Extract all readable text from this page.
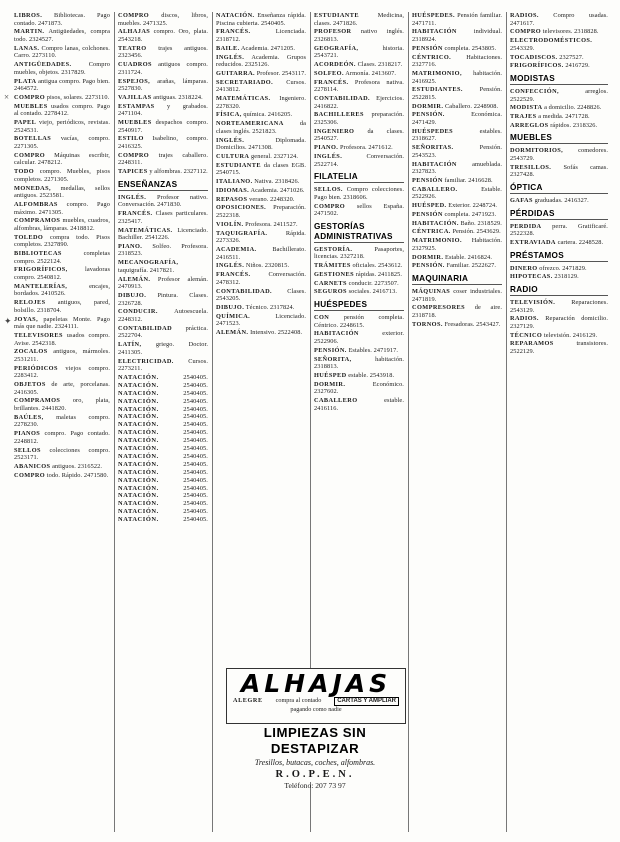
LIBROS. Bibliotecas. Pago contado. 2471873.
MARTIN. Antigüedades, compra todo. 2324527.
LANAS. Compro lanas, colchones. Carro. 2273110.
ANTIGÜEDADES.	Compro muebles, objetos. 2317829.
PLATA antigua compro. Pago bien. 2464572.
COMPRO pisos, solares. 2273110.
MUEBLES usados compro. Pago al contado. 2278412.
PAPEL viejo, periódicos, revistas. 2524531.
BOTELLAS vacías, compro. 2271305.
COMPRO Máquinas escribir, calcular. 2478212.
TODO compro. Muebles, pisos completos. 2271305.
MONEDAS, medallas, sellos antiguos. 2523581.
ALFOMBRAS compro. Pago máximo. 2471305.
COMPRAMOS muebles, cuadros, alfombras, lámparas. 2418812.
TOLEDO compra todo. Pisos completos. 2327890.
BIBLIOTECAS	completas compro. 2522124.
FRIGORÍFICOS,	lavadoras compro. 2540812.
MANTELERÍAS,	encajes, bordados. 2410526.
RELOJES antiguos, pared, bolsillo. 2318704.
JOYAS, papeletas Monte. Pago más que nadie. 2324111.
TELEVISORES usados compro. Avise. 2542318.
ZOCALOS antiguos, mármoles. 2531211.
PERIÓDICOS viejos compro. 2283412.
OBJETOS de arte, porcelanas. 2416305.
COMPRAMOS oro, plata, brillantes. 2441820.
BAÚLES, maletas compro. 2278230.
PIANOS compro. Pago contado. 2248812.
SELLOS colecciones compro. 2523171.
ABANICOS antiguos. 2316522.
COMPRO todo. Rápido. 2471580.
COMPRO discos, libros, muebles. 2471325.
ALHAJAS compro. Oro, plata. 2543218.
TEATRO trajes antiguos. 2323456.
CUADROS antiguos compro. 2311724.
ESPEJOS, arañas, lámparas. 2527830.
VAJILLAS antiguas. 2318224.
ESTAMPAS y grabados. 2471104.
MUEBLES despachos compro. 2540917.
ESTILO Isabelino, compro. 2416325.
COMPRO trajes caballero. 2248311.
TAPICES y alfombras. 2327112.
ENSEÑANZAS
INGLÉS. Profesor nativo. Conversación. 2471830.
FRANCÉS. Clases particulares. 2325417.
MATEMÁTICAS. Licenciado. Bachiller. 2541226.
PIANO. Solfeo. Profesora. 2318523.
MECANOGRAFÍA, taquigrafía. 2417821.
ALEMÁN. Profesor alemán. 2470913.
DIBUJO. Pintura. Clases. 2326728.
CONDUCIR.	Autoescuela. 2248312.
CONTABILIDAD práctica. 2522704.
LATÍN, griego. Doctor. 2411305.
ELECTRICIDAD. Cursos. 2273211.
NATACIÓN.	2540405.
NATACIÓN.	2540405.
NATACIÓN.	2540405.
NATACIÓN.	2540405.
NATACIÓN.	2540405.
NATACIÓN.	2540405.
NATACIÓN.	2540405.
NATACIÓN.	2540405.
NATACIÓN.	2540405.
NATACIÓN.	2540405.
NATACIÓN.	2540405.
NATACIÓN.	2540405.
NATACIÓN.	2540405.
NATACIÓN.	2540405.
NATACIÓN.	2540405.
NATACIÓN.	2540405.
NATACIÓN.	2540405.
NATACIÓN.	2540405.
NATACIÓN.	2540405.
NATACIÓN. Enseñanza rápida. Piscina cubierta. 2540405.
FRANCÉS.	Licenciada. 2318712.
BAILE. Academia. 2471205.
INGLÉS. Academia. Grupos reducidos. 2325126.
GUITARRA. Profesor. 2543117.
SECRETARIADO. Cursos. 2413812.
MATEMÁTICAS. Ingeniero. 2278320.
FÍSICA, química. 2416205.
NORTEAMERICANA	da clases inglés. 2521823.
INGLÉS.	Diplomada. Domicilios. 2471308.
CULTURA general. 2327124.
ESTUDIANTE da clases EGB. 2540715.
ITALIANO. Nativa. 2318426.
IDIOMAS. Academia. 2471026.
REPASOS verano. 2248320.
OPOSICIONES. Preparación. 2522318.
VIOLÍN. Profesora. 2411527.
TAQUIGRAFÍA.	Rápida. 2273326.
ACADEMIA.	Bachillerato. 2416511.
INGLÉS. Niños. 2320815.
FRANCÉS.	Conversación. 2478312.
CONTABILIDAD. Clases. 2543205.
DIBUJO. Técnico. 2317824.
QUÍMICA.	Licenciado. 2471523.
ALEMÁN. Intensivo. 2522408.
ESTUDIANTE	Medicina, clases. 2471826.
PROFESOR nativo inglés. 2326813.
GEOGRAFÍA,	historia. 2543721.
ACORDEÓN. Clases. 2318217.
SOLFEO. Armonía. 2413607.
FRANCÉS. Profesora nativa. 2278114.
CONTABILIDAD. Ejercicios. 2416822.
BACHILLERES preparación. 2325306.
INGENIERO da clases. 2540527.
PIANO. Profesora. 2471612.
INGLÉS.	Conversación. 2522714.
FILATELIA
SELLOS. Compro colecciones. Pago bien. 2318606.
COMPRO sellos España. 2471502.
GESTORÍAS ADMINISTRATIVAS
GESTORÍA.	Pasaportes, licencias. 2327218.
TRÁMITES oficiales. 2543612.
GESTIONES rápidas. 2411825.
CARNETS conducir. 2273507.
SEGUROS sociales. 2416713.
HUÉSPEDES
CON pensión completa. Céntrico. 2248615.
HABITACIÓN	exterior. 2522906.
PENSIÓN. Estables. 2471917.
SEÑORITA,	habitación. 2318813.
HUÉSPED estable. 2543918.
DORMIR.	Económico. 2327602.
CABALLERO	estable. 2416116.
HUÉSPEDES. Pensión familiar. 2471711.
HABITACIÓN	individual. 2318924.
PENSIÓN completa. 2543805.
CÉNTRICO. Habitaciones. 2327716.
MATRIMONIO, habitación. 2416925.
ESTUDIANTES.	Pensión. 2522815.
DORMIR. Caballero. 2248908.
PENSIÓN.	Económica. 2471429.
HUÉSPEDES	estables. 2318627.
SEÑORITAS.	Pensión. 2543523.
HABITACIÓN amueblada. 2327823.
PENSIÓN familiar. 2416628.
CABALLERO.	Estable. 2522926.
HUÉSPED. Exterior. 2248724.
PENSIÓN completa. 2471923.
HABITACIÓN. Baño. 2318529.
CÉNTRICA. Pensión. 2543629.
MATRIMONIO. Habitación. 2327925.
DORMIR. Estable. 2416824.
PENSIÓN. Familiar. 2522627.
MAQUINARIA
MÁQUINAS coser industriales. 2471819.
COMPRESORES de aire. 2318718.
TORNOS. Fresadoras. 2543427.
RADIOS. Compro usadas. 2471617.
COMPRO televisores. 2318828.
ELECTRODOMÉSTICOS. 2543329.
TOCADISCOS. 2327527.
FRIGORÍFICOS. 2416729.
MODISTAS
CONFECCIÓN,	arreglos. 2522529.
MODISTA a domicilio. 2248826.
TRAJES a medida. 2471728.
ARREGLOS rápidos. 2318326.
MUEBLES
DORMITORIOS, comedores. 2543729.
TRESILLOS. Sofás camas. 2327428.
ÓPTICA
GAFAS graduadas. 2416327.
PÉRDIDAS
PERDIDA perra. Gratificaré. 2522328.
EXTRAVIADA cartera. 2248528.
PRÉSTAMOS
DINERO ofrezco. 2471829.
HIPOTECAS. 2318129.
RADIO
TELEVISIÓN.	Reparaciones. 2543129.
RADIOS. Reparación domicilio. 2327129.
TÉCNICO televisión. 2416129.
REPARAMOS	transistores. 2522129.
ALHAJAS
ALEGRE compra al contado	CARTAS Y AMPLIAR
pagando como nadie
LIMPIEZAS SIN DESTAPIZAR
Tresillos, butacas, coches, alfombras.
R.O.P.E.N.
Teléfono: 207 73 97
×
✦
